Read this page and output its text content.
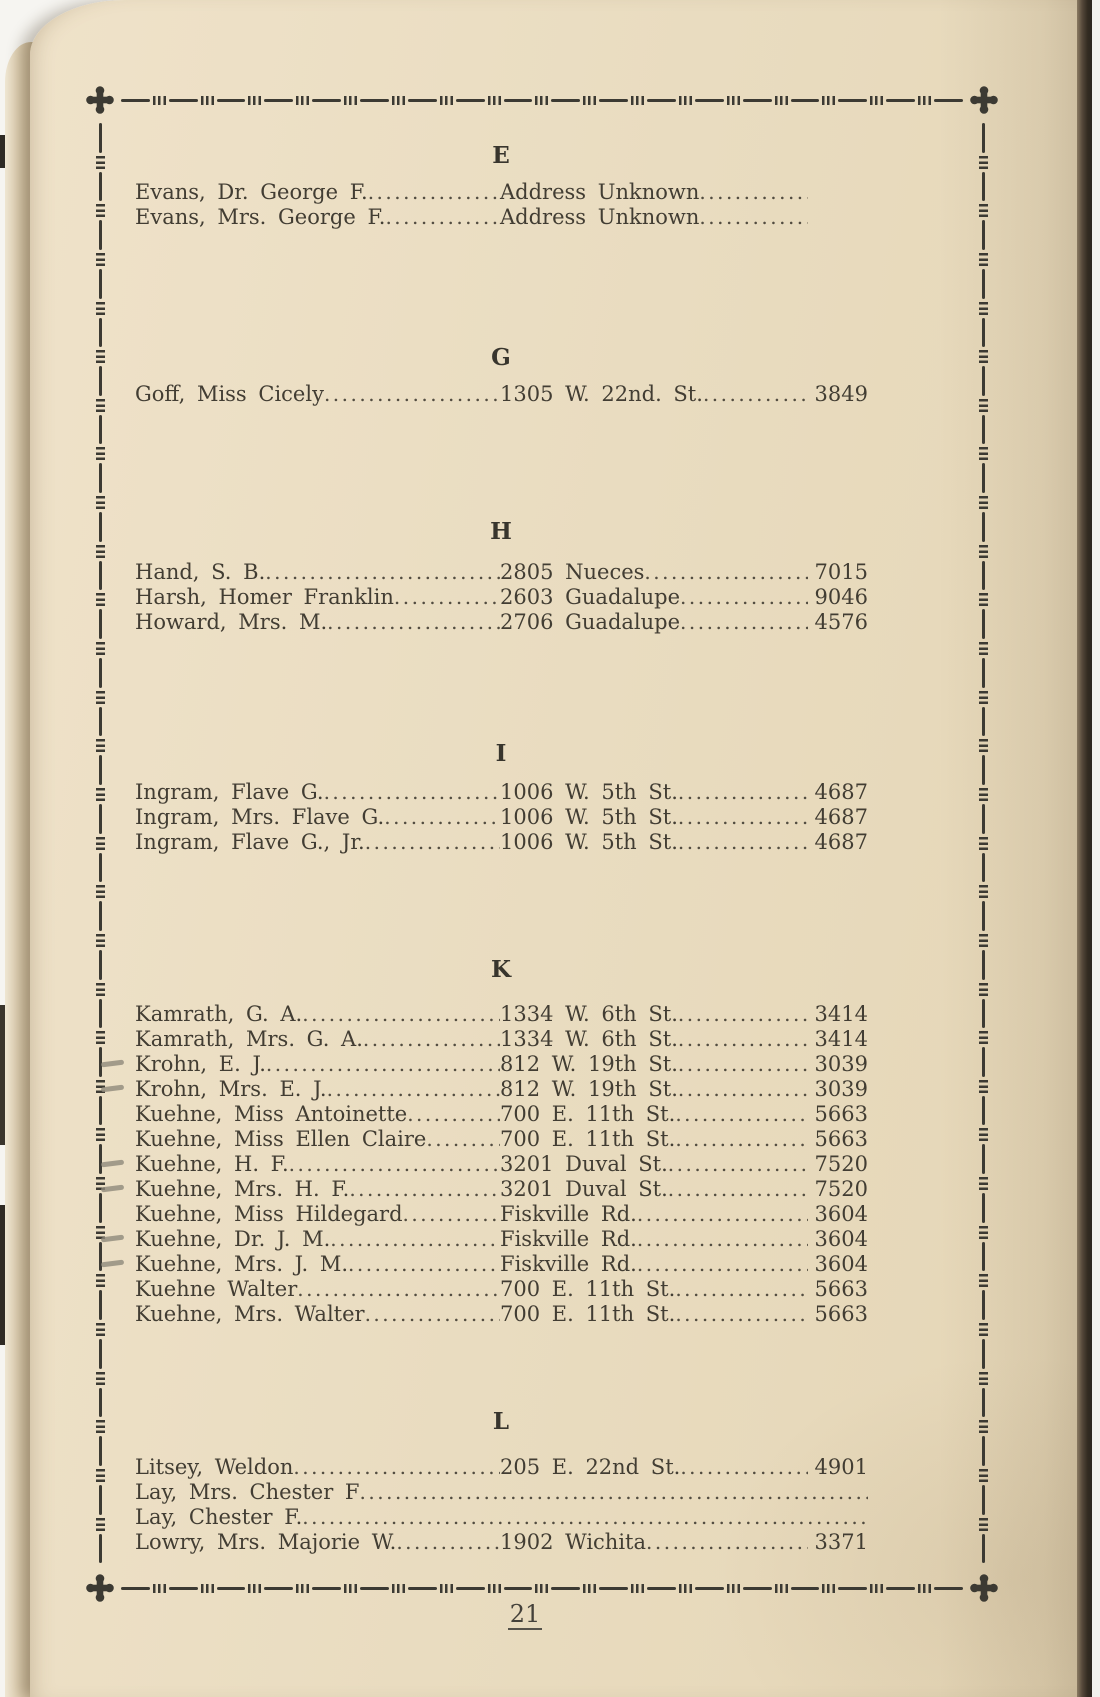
E
Evans, Dr. George F. .....	Address Unknown
.....
Evans, Mrs. George F. .....	Address Unknown
.....
G
Goff, Miss Cicely .....	1305 W. 22nd. St. .....	3849
H
Hand, S. B. .....	2805 Nueces .....	7015
Harsh, Homer Franklin .....	2603 Guadalupe .....	9046
Howard, Mrs. M. .....	2706 Guadalupe .....	4576
I
Ingram, Flave G. .....	1006 W. 5th St. .....	4687
Ingram, Mrs. Flave G. .....	1006 W. 5th St. .....	4687
Ingram, Flave G., Jr. .....	1006 W. 5th St. .....	4687
K
Kamrath, G. A. .....	1334 W. 6th St. .....	3414
Kamrath, Mrs. G. A. .....	1334 W. 6th St. .....	3414
Krohn, E. J. .....	812 W. 19th St. .....	3039
Krohn, Mrs. E. J. .....	812 W. 19th St. .....	3039
Kuehne, Miss Antoinette .....	700 E. 11th St. .....	5663
Kuehne, Miss Ellen Claire .....	700 E. 11th St. .....	5663
Kuehne, H. F. .....	3201 Duval St. .....	7520
Kuehne, Mrs. H. F. .....	3201 Duval St. .....	7520
Kuehne, Miss Hildegard .....	Fiskville Rd. .....	3604
Kuehne, Dr. J. M. .....	Fiskville Rd. .....	3604
Kuehne, Mrs. J. M. .....	Fiskville Rd. .....	3604
Kuehne Walter .....	700 E. 11th St. .....	5663
Kuehne, Mrs. Walter .....	700 E. 11th St. .....	5663
L
Litsey, Weldon .....	205 E. 22nd St. .....	4901
Lay, Mrs. Chester F
.....
Lay, Chester F.
.....
Lowry, Mrs. Majorie W. .....	1902 Wichita .....	3371
21
